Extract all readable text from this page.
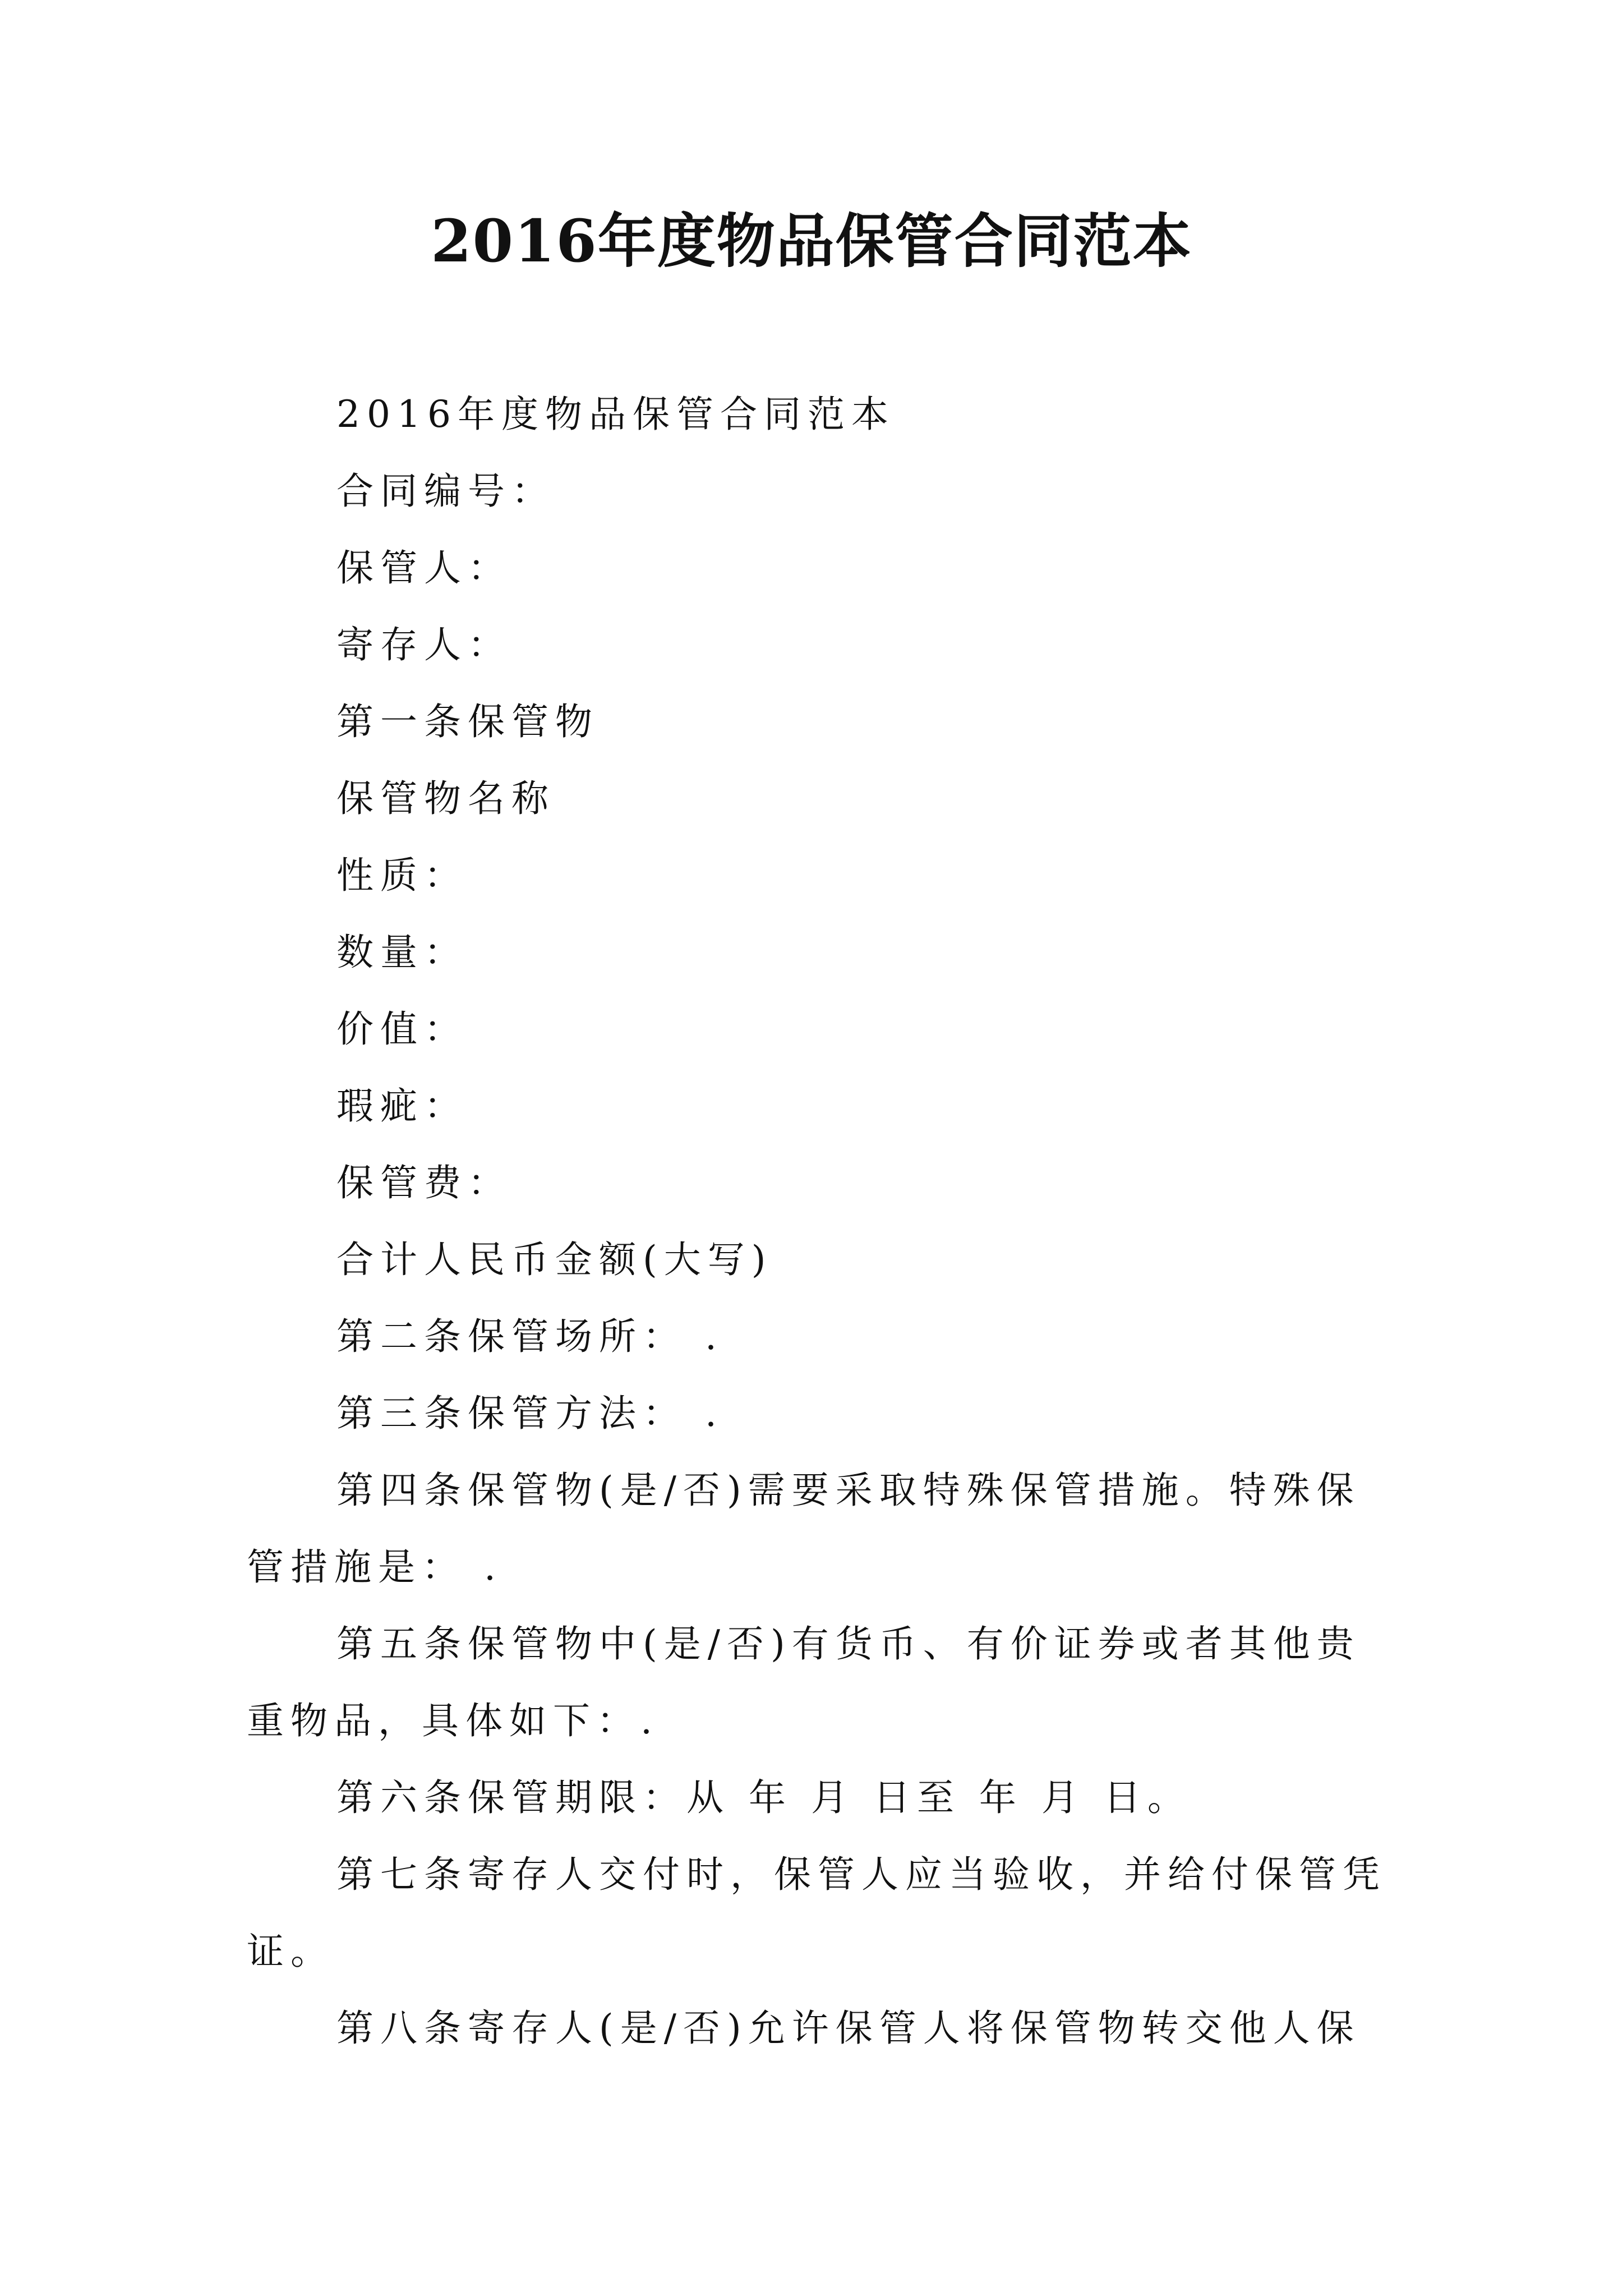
2016年度物品保管合同范本

2016年度物品保管合同范本

合同编号：

保管人：

寄存人：

第一条保管物

保管物名称

性质：

数量：

价值：

瑕疵：

保管费：

合计人民币金额(大写)

第二条保管场所： .

第三条保管方法： .

第四条保管物(是/否)需要采取特殊保管措施。特殊保管措施是： .

第五条保管物中(是/否)有货币、有价证券或者其他贵重物品，具体如下：.

第六条保管期限：从 年 月 日至 年 月 日。

第七条寄存人交付时，保管人应当验收，并给付保管凭证。

第八条寄存人(是/否)允许保管人将保管物转交他人保
